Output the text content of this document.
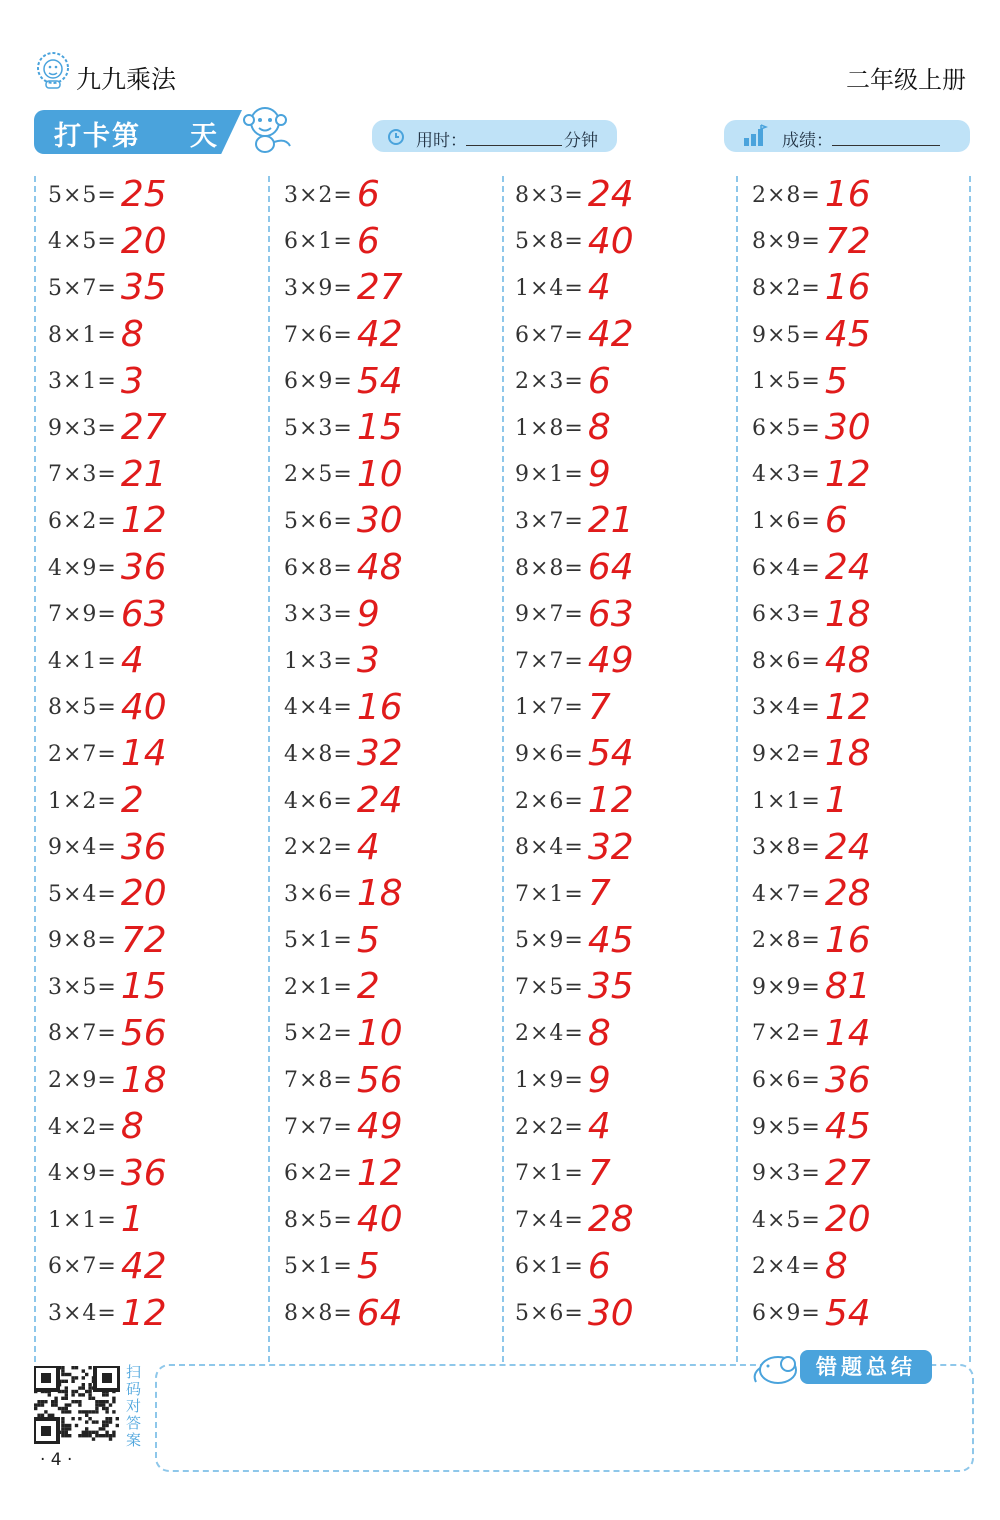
九九乘法	二年级上册
打卡第 天	用时：	分钟	成绩：
5×5= 25
4×5= 20
5×7= 35
8×1= 8
3×1= 3
9×3= 27
7×3= 21
6×2= 12
4×9= 36
7×9= 63
4×1= 4
8×5= 40
2×7= 14
1×2= 2
9×4= 36
5×4= 20
9×8= 72
3×5= 15
8×7= 56
2×9= 18
4×2= 8
4×9= 36
1×1= 1
6×7= 42
3×4= 12
3×2= 6
6×1= 6
3×9= 27
7×6= 42
6×9= 54
5×3= 15
2×5= 10
5×6= 30
6×8= 48
3×3= 9
1×3= 3
4×4= 16
4×8= 32
4×6= 24
2×2= 4
3×6= 18
5×1= 5
2×1= 2
5×2= 10
7×8= 56
7×7= 49
6×2= 12
8×5= 40
5×1= 5
8×8= 64
8×3= 24
5×8= 40
1×4= 4
6×7= 42
2×3= 6
1×8= 8
9×1= 9
3×7= 21
8×8= 64
9×7= 63
7×7= 49
1×7= 7
9×6= 54
2×6= 12
8×4= 32
7×1= 7
5×9= 45
7×5= 35
2×4= 8
1×9= 9
2×2= 4
7×1= 7
7×4= 28
6×1= 6
5×6= 30
2×8= 16
8×9= 72
8×2= 16
9×5= 45
1×5= 5
6×5= 30
4×3= 12
1×6= 6
6×4= 24
6×3= 18
8×6= 48
3×4= 12
9×2= 18
1×1= 1
3×8= 24
4×7= 28
2×8= 16
9×9= 81
7×2= 14
6×6= 36
9×5= 45
9×3= 27
4×5= 20
2×4= 8
6×9= 54
错题总结
扫码对答案
· 4 ·
